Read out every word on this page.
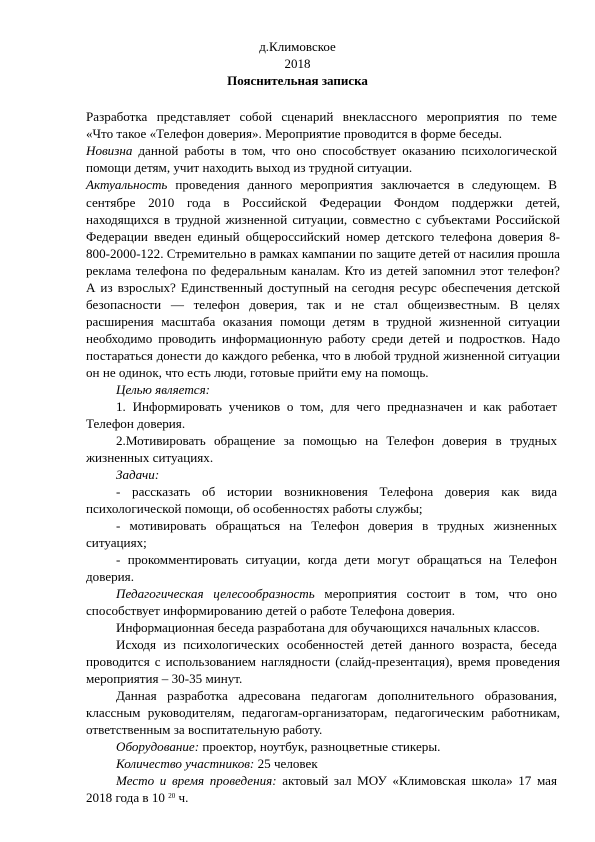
д.Климовское
2018
Пояснительная записка
Разработка представляет собой сценарий внеклассного мероприятия по теме
«Что такое «Телефон доверия». Мероприятие проводится в форме беседы.
Новизна данной работы в том, что оно способствует оказанию психологической
помощи детям, учит находить выход из трудной ситуации.
Актуальность проведения данного мероприятия заключается в следующем. В
сентябре 2010 года в Российской Федерации Фондом поддержки детей,
находящихся в трудной жизненной ситуации, совместно с субъектами Российской
Федерации введен единый общероссийский номер детского телефона доверия 8-
800-2000-122. Стремительно в рамках кампании по защите детей от насилия прошла
реклама телефона по федеральным каналам. Кто из детей запомнил этот телефон?
А из взрослых? Единственный доступный на сегодня ресурс обеспечения детской
безопасности — телефон доверия, так и не стал общеизвестным. В целях
расширения масштаба оказания помощи детям в трудной жизненной ситуации
необходимо проводить информационную работу среди детей и подростков. Надо
постараться донести до каждого ребенка, что в любой трудной жизненной ситуации
он не одинок, что есть люди, готовые прийти ему на помощь.
Целью является:
1. Информировать учеников о том, для чего предназначен и как работает
Телефон доверия.
2.Мотивировать обращение за помощью на Телефон доверия в трудных
жизненных ситуациях.
Задачи:
- рассказать об истории возникновения Телефона доверия как вида
психологической помощи, об особенностях работы службы;
- мотивировать обращаться на Телефон доверия в трудных жизненных
ситуациях;
- прокомментировать ситуации, когда дети могут обращаться на Телефон
доверия.
Педагогическая целесообразность мероприятия состоит в том, что оно
способствует информированию детей о работе Телефона доверия.
Информационная беседа разработана для обучающихся начальных классов.
Исходя из психологических особенностей детей данного возраста, беседа
проводится с использованием наглядности (слайд-презентация), время проведения
мероприятия – 30-35 минут.
Данная разработка адресована педагогам дополнительного образования,
классным руководителям, педагогам-организаторам, педагогическим работникам,
ответственным за воспитательную работу.
Оборудование: проектор, ноутбук, разноцветные стикеры.
Количество участников: 25 человек
Место и время проведения: актовый зал МОУ «Климовская школа» 17 мая
2018 года в 10 $^{20}$ ч.
